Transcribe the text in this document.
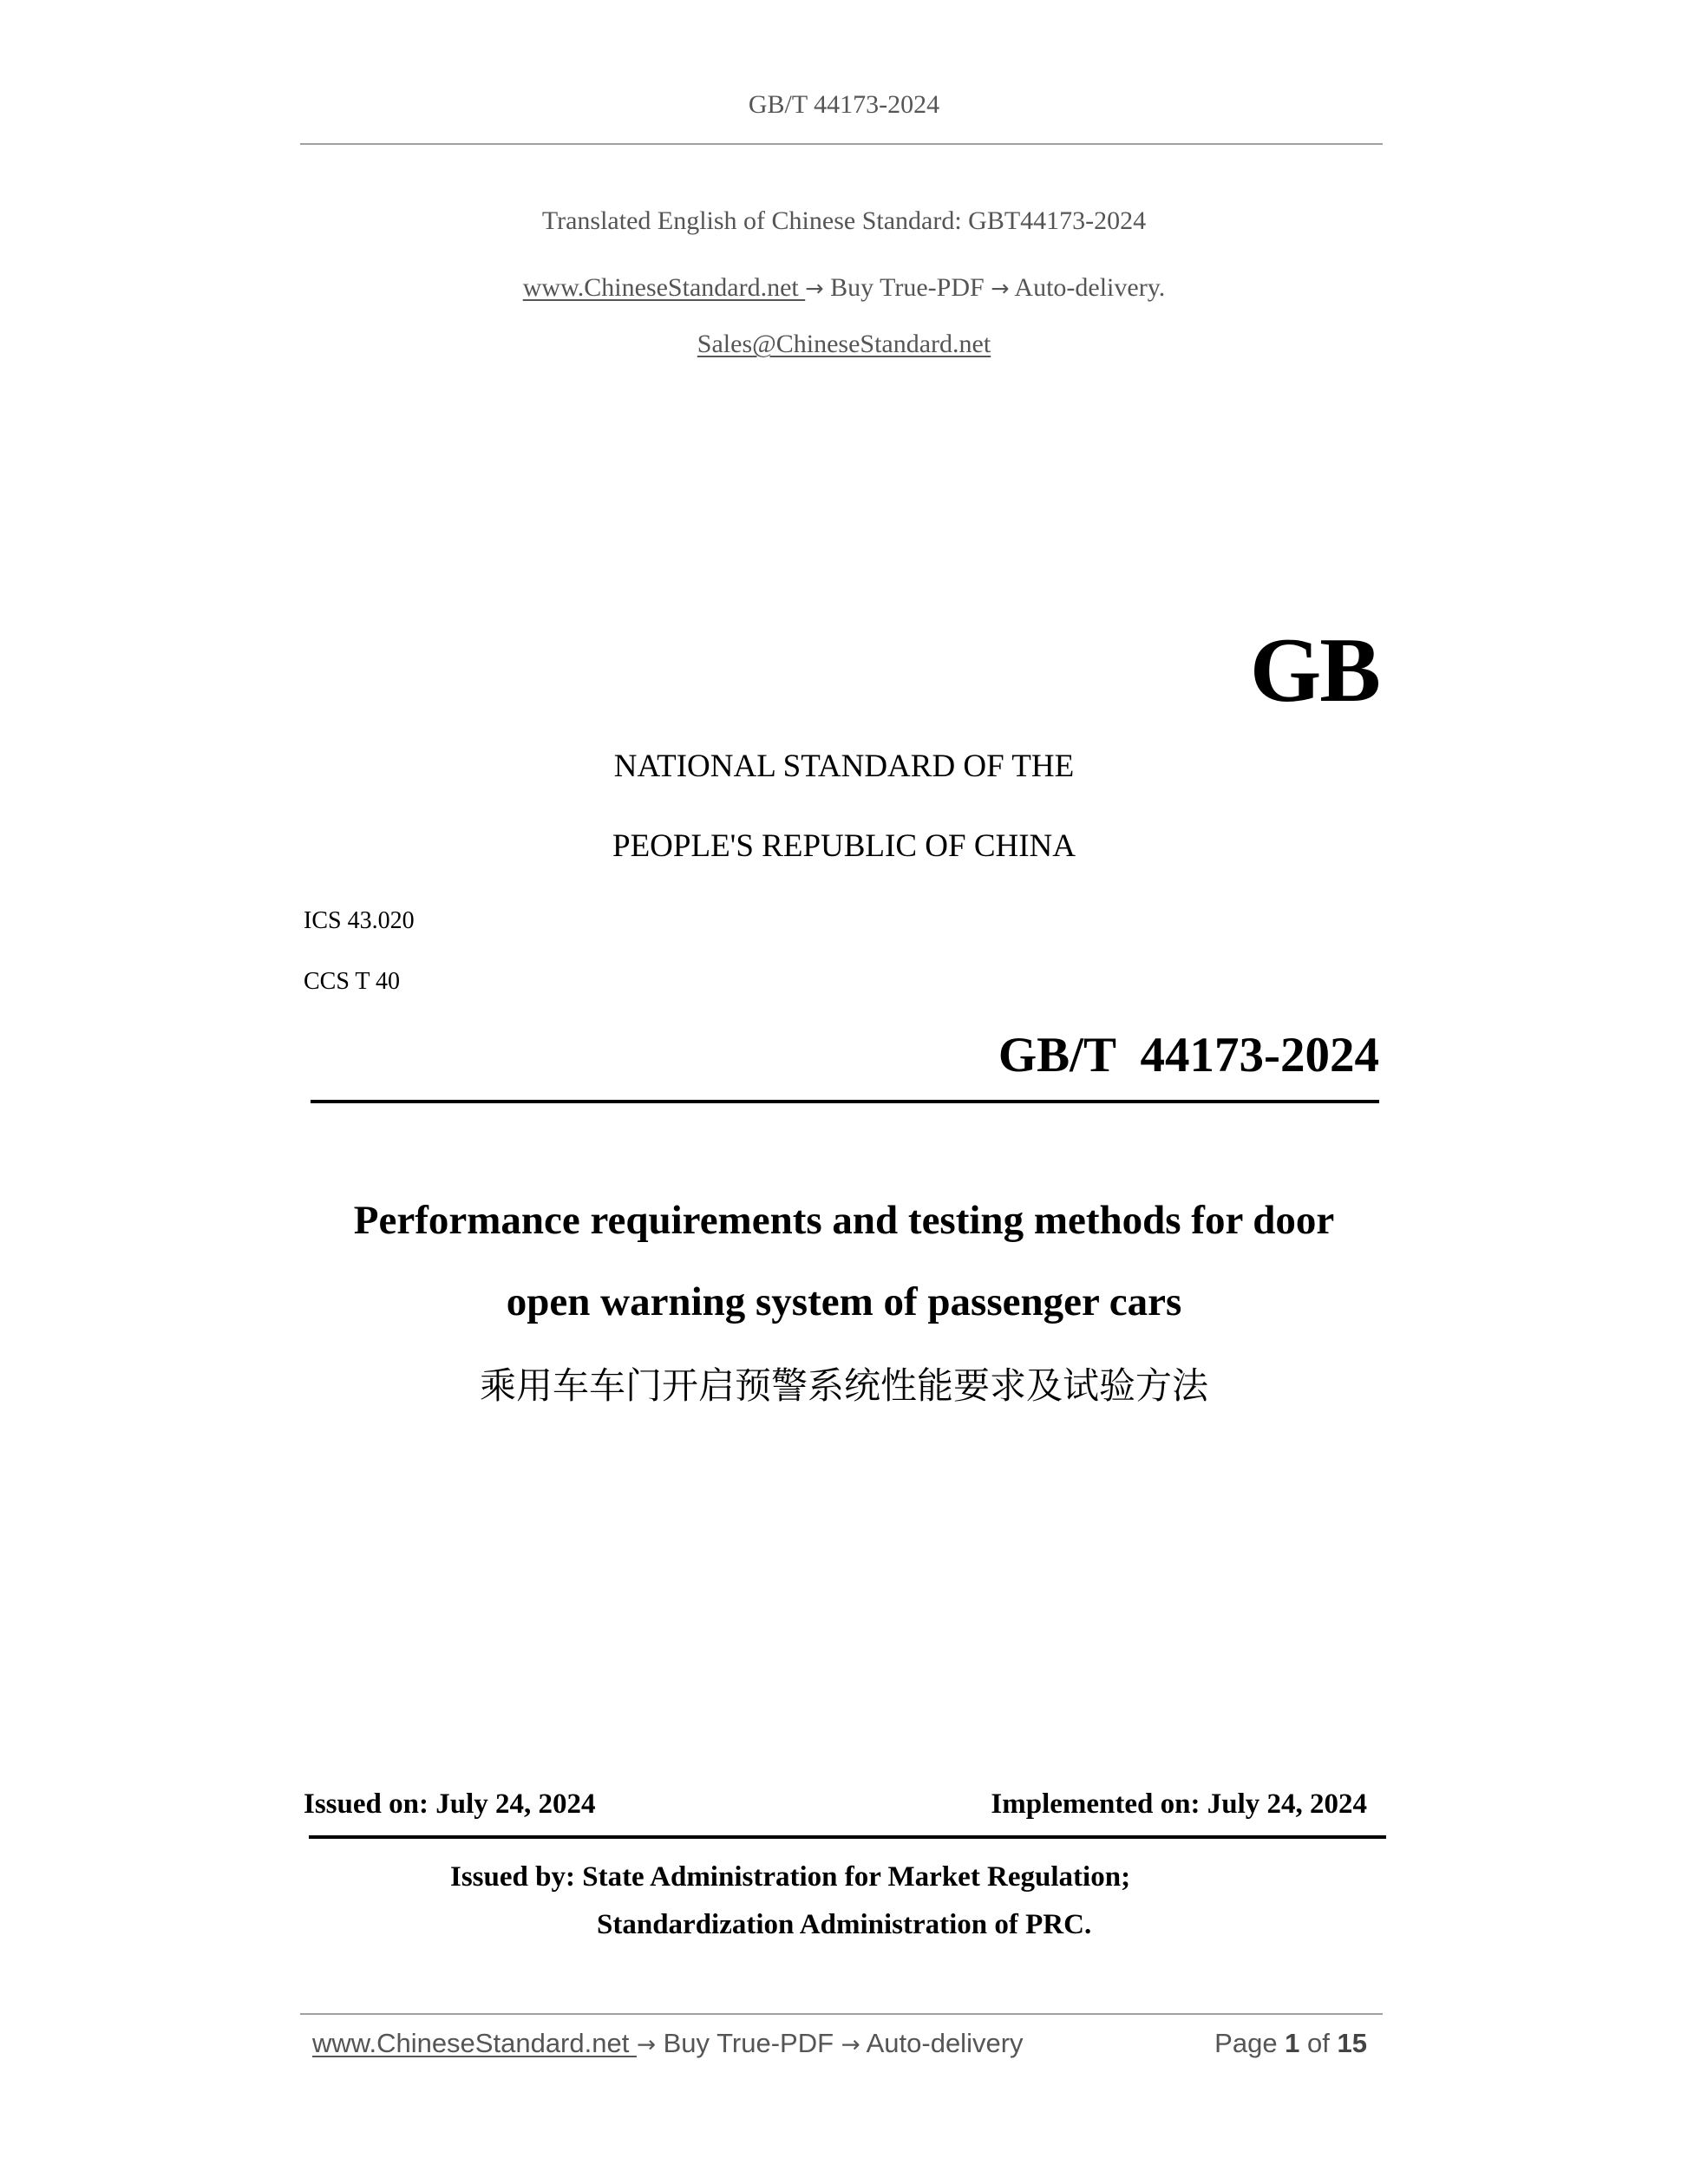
GB/T 44173-2024
Translated English of Chinese Standard: GBT44173-2024
www.ChineseStandard.net → Buy True-PDF → Auto-delivery.
Sales@ChineseStandard.net
GB
NATIONAL STANDARD OF THE
PEOPLE'S REPUBLIC OF CHINA
ICS 43.020
CCS T 40
GB/T  44173-2024
Performance requirements and testing methods for door
open warning system of passenger cars
乘用车车门开启预警系统性能要求及试验方法
Issued on: July 24, 2024	Implemented on: July 24, 2024
Issued by: State Administration for Market Regulation;
Standardization Administration of PRC.
www.ChineseStandard.net → Buy True-PDF → Auto-delivery	Page 1 of 15
